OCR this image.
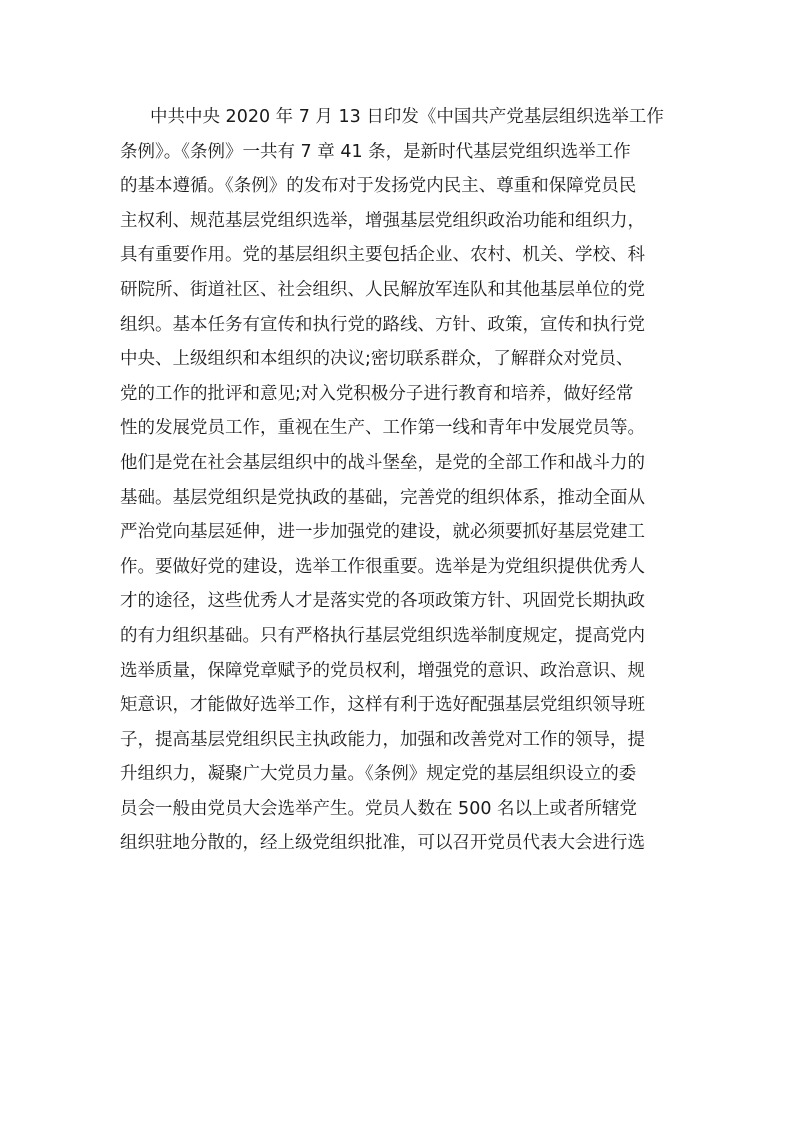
中共中央 2020 年 7 月 13 日印发《中国共产党基层组织选举工作
条例》。《条例》一共有 7 章 41 条，是新时代基层党组织选举工作
的基本遵循。《条例》的发布对于发扬党内民主、尊重和保障党员民
主权利、规范基层党组织选举，增强基层党组织政治功能和组织力，
具有重要作用。党的基层组织主要包括企业、农村、机关、学校、科
研院所、街道社区、社会组织、人民解放军连队和其他基层单位的党
组织。基本任务有宣传和执行党的路线、方针、政策，宣传和执行党
中央、上级组织和本组织的决议;密切联系群众，了解群众对党员、
党的工作的批评和意见;对入党积极分子进行教育和培养，做好经常
性的发展党员工作，重视在生产、工作第一线和青年中发展党员等。
他们是党在社会基层组织中的战斗堡垒，是党的全部工作和战斗力的
基础。基层党组织是党执政的基础，完善党的组织体系，推动全面从
严治党向基层延伸，进一步加强党的建设，就必须要抓好基层党建工
作。要做好党的建设，选举工作很重要。选举是为党组织提供优秀人
才的途径，这些优秀人才是落实党的各项政策方针、巩固党长期执政
的有力组织基础。只有严格执行基层党组织选举制度规定，提高党内
选举质量，保障党章赋予的党员权利，增强党的意识、政治意识、规
矩意识，才能做好选举工作，这样有利于选好配强基层党组织领导班
子，提高基层党组织民主执政能力，加强和改善党对工作的领导，提
升组织力，凝聚广大党员力量。《条例》规定党的基层组织设立的委
员会一般由党员大会选举产生。党员人数在 500 名以上或者所辖党
组织驻地分散的，经上级党组织批准，可以召开党员代表大会进行选
